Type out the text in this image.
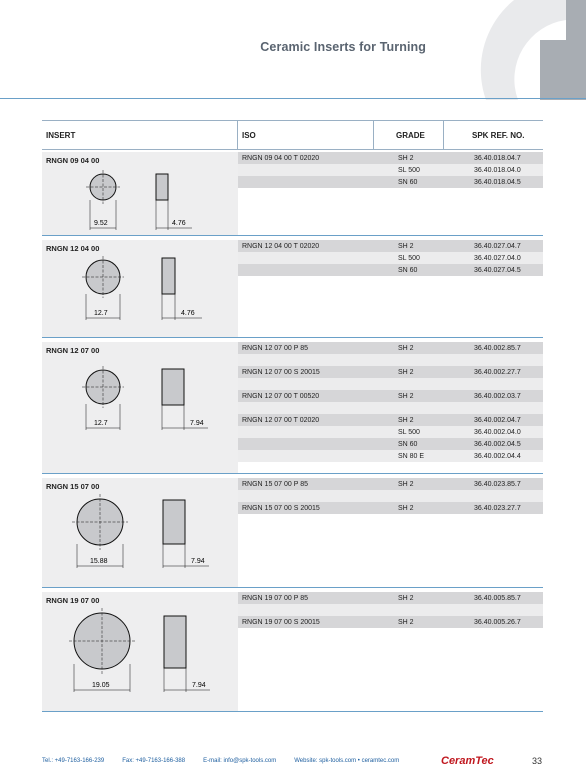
Ceramic Inserts for Turning
INSERT	ISO	GRADE	SPK REF. NO.
RNGN 09 04 00
9.52	4.76
RNGN 09 04 00 T 02020	SH 2	36.40.018.04.7
SL 500	36.40.018.04.0
SN 60	36.40.018.04.5
RNGN 12 04 00
12.7	4.76
RNGN 12 04 00 T 02020	SH 2	36.40.027.04.7
SL 500	36.40.027.04.0
SN 60	36.40.027.04.5
RNGN 12 07 00
12.7	7.94
RNGN 12 07 00 P 85	SH 2	36.40.002.85.7
RNGN 12 07 00 S 20015	SH 2	36.40.002.27.7
RNGN 12 07 00 T 00520	SH 2	36.40.002.03.7
RNGN 12 07 00 T 02020	SH 2	36.40.002.04.7
SL 500	36.40.002.04.0
SN 60	36.40.002.04.5
SN 80 E	36.40.002.04.4
RNGN 15 07 00
15.88	7.94
RNGN 15 07 00 P 85	SH 2	36.40.023.85.7
RNGN 15 07 00 S 20015	SH 2	36.40.023.27.7
RNGN 19 07 00
19.05	7.94
RNGN 19 07 00 P 85	SH 2	36.40.005.85.7
RNGN 19 07 00 S 20015	SH 2	36.40.005.26.7
Tel.: +49-7163-166-239	Fax: +49-7163-166-388	E-mail: info@spk-tools.com	Website: spk-tools.com • ceramtec.com	CeramTec	33
